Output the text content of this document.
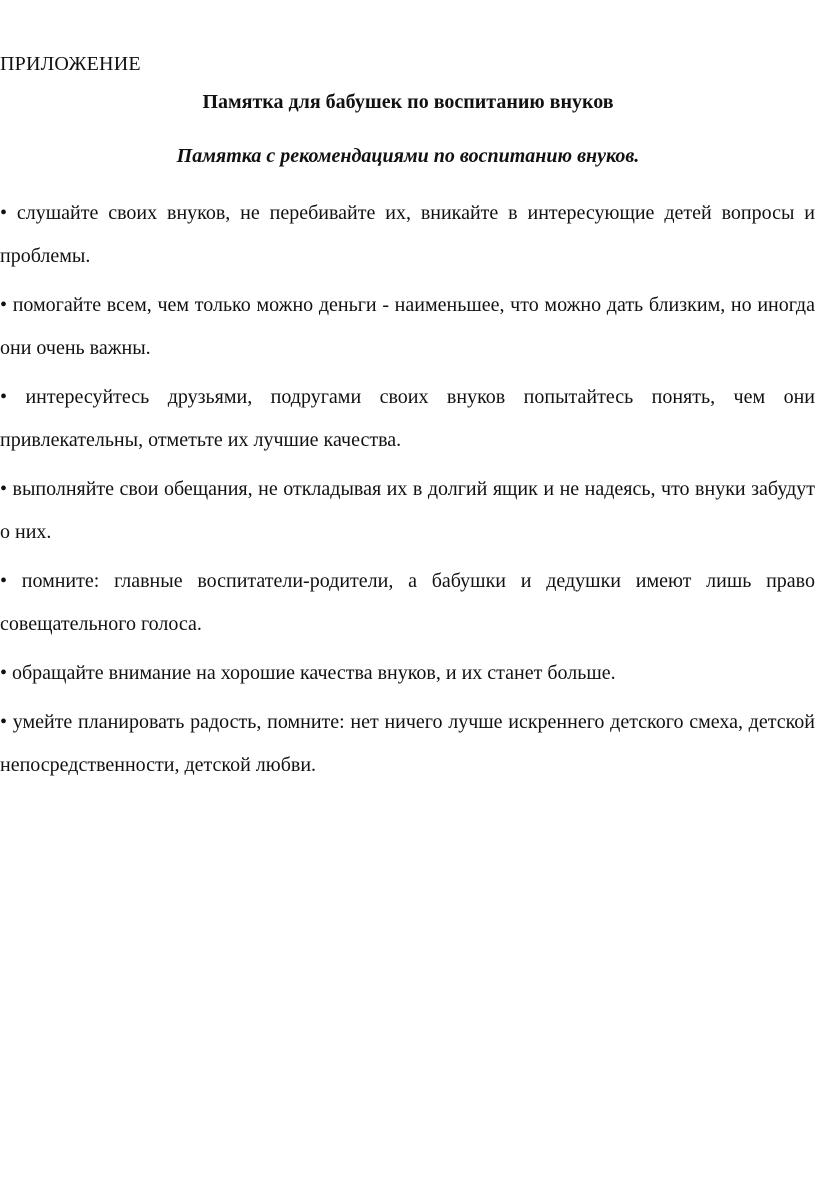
ПРИЛОЖЕНИЕ
Памятка для бабушек по воспитанию внуков
Памятка с рекомендациями по воспитанию внуков.
• слушайте своих внуков, не перебивайте их, вникайте в интересующие детей вопросы и проблемы.
• помогайте всем, чем только можно деньги - наименьшее, что можно дать близким, но иногда они очень важны.
• интересуйтесь друзьями, подругами своих внуков попытайтесь понять, чем они привлекательны, отметьте их лучшие качества.
• выполняйте свои обещания, не откладывая их в долгий ящик и не надеясь, что внуки забудут о них.
• помните: главные воспитатели-родители, а бабушки и дедушки имеют лишь право совещательного голоса.
• обращайте внимание на хорошие качества внуков, и их станет больше.
• умейте планировать радость, помните: нет ничего лучше искреннего детского смеха, детской непосредственности, детской любви.
